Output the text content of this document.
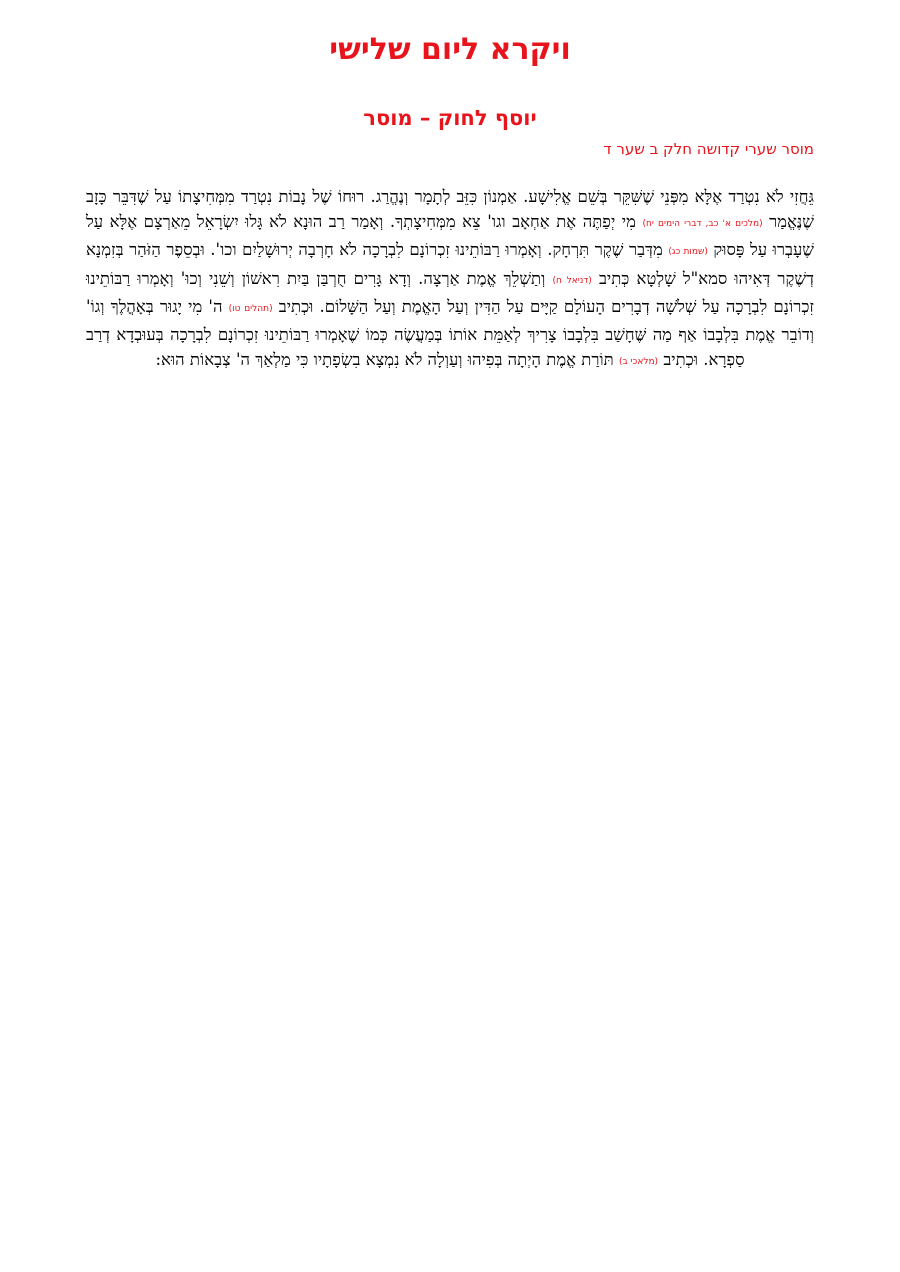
ויקרא ליום שלישי
יוסף לחוק – מוסר
מוסר שערי קדושה חלק ב שער ד

גֵּחֲזִי לֹא נִטְרַד אֶלָּא מִפְּנֵי שֶׁשִּׁקֵּר בְּשֵׁם אֱלִישָׁע. אַמְנוֹן כִּזֵּב לְתָמָר וְנֶהֱרַג. רוּחוֹ שֶׁל נָבוֹת נִטְרַד מִמְּחִיצָתוֹ עַל שֶׁדִּבֵּר כָּזָב שֶׁנֶּאֱמַר (מלכים א' כב, דברי הימים יח) מִי יְפַתֶּה אֶת אַחְאָב וגו' צֵא מִמְּחִיצָתְךָ. וְאָמַר רַב הוּנָא לֹא גָּלוּ יִשְׂרָאֵל מֵאַרְצָם אֶלָּא עַל שֶׁעָבְרוּ עַל פָּסוּק (שמות כג) מִדְּבַר שֶׁקֶר תִּרְחָק. וְאָמְרוּ רַבּוֹתֵינוּ זִכְרוֹנָם לִבְרָכָה לֹא חָרְבָה יְרוּשָׁלַיִם וכו'. וּבְסֵפֶר הַזֹּהַר בְּזִמְנָא דְשֶׁקֶר דְּאִיהוּ סמא"ל שָׁלְטָא כְּתִיב (דניאל ח) וְתַשְׁלֵךְ אֱמֶת אַרְצָה. וְדָא גָּרִים חֻרְבַּן בַּיִת רִאשׁוֹן וְשֵׁנִי וְכוּ' וְאָמְרוּ רַבּוֹתֵינוּ זִכְרוֹנָם לִבְרָכָה עַל שְׁלֹשָׁה דְבָרִים הָעוֹלָם קַיָּים עַל הַדִּין וְעַל הָאֱמֶת וְעַל הַשָּׁלוֹם. וּכְתִיב (תהלים טו) ה' מִי יָגוּר בְּאָהֳלֶךָ וְגוֹ' וְדוֹבֵר אֱמֶת בִּלְבָבוֹ אַף מַה שֶּׁחָשַׁב בִּלְבָבוֹ צָרִיךְ לְאַמֵּת אוֹתוֹ בְּמַעֲשֶׂה כְּמוֹ שֶׁאָמְרוּ רַבּוֹתֵינוּ זִכְרוֹנָם לִבְרָכָה בְּעוּבְדָא דְרַב סַפְרָא. וּכְתִיב (מלאכי ב) תּוֹרַת אֱמֶת הָיְתָה בְּפִיהוּ וְעַוְלָה לֹא נִמְצָא בִשְׂפָתָיו כִּי מַלְאַךְ ה' צְבָאוֹת הוּא:
